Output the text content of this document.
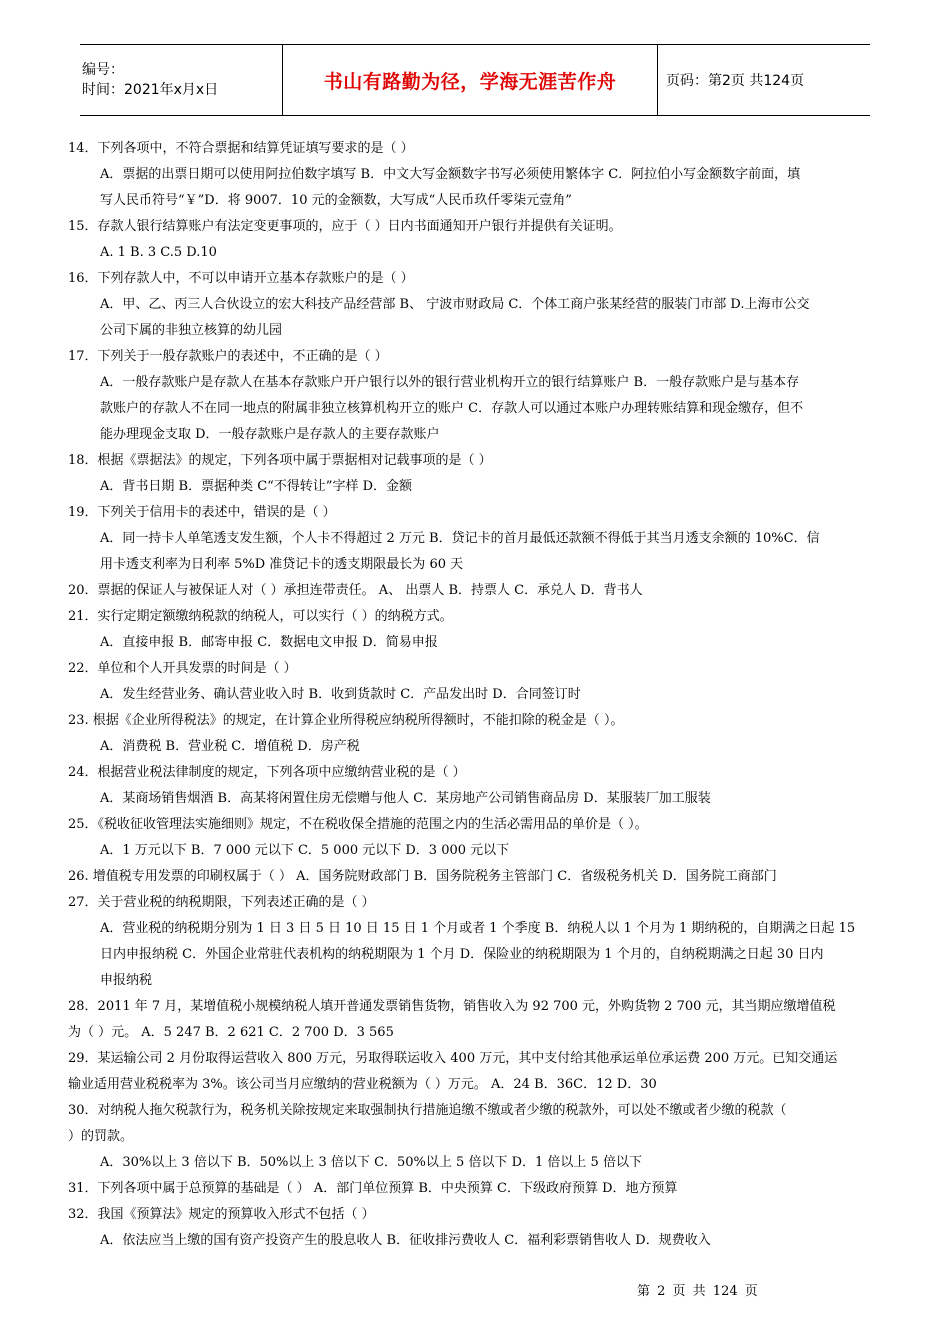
编号：
时间：2021年x月x日	书山有路勤为径，学海无涯苦作舟	页码：第2页 共124页
14．下列各项中，不符合票据和结算凭证填写要求的是（ ）
A．票据的出票日期可以使用阿拉伯数字填写 B．中文大写金额数字书写必须使用繁体字 C．阿拉伯小写金额数字前面，填
写人民币符号“￥”D．将 9007．10 元的金额数，大写成“人民币玖仟零柒元壹角”
15．存款人银行结算账户有法定变更事项的，应于（ ）日内书面通知开户银行并提供有关证明。
A. 1 B. 3 C.5 D.10
16．下列存款人中，不可以申请开立基本存款账户的是（ ）
A．甲、乙、丙三人合伙设立的宏大科技产品经营部 B、 宁波市财政局 C．个体工商户张某经营的服装门市部 D.上海市公交
公司下属的非独立核算的幼儿园
17．下列关于一般存款账户的表述中，不正确的是（ ）
A．一般存款账户是存款人在基本存款账户开户银行以外的银行营业机构开立的银行结算账户 B．一般存款账户是与基本存
款账户的存款人不在同一地点的附属非独立核算机构开立的账户 C．存款人可以通过本账户办理转账结算和现金缴存，但不
能办理现金支取 D．一般存款账户是存款人的主要存款账户
18．根据《票据法》的规定，下列各项中属于票据相对记载事项的是（ ）
A．背书日期 B．票据种类 C“不得转让”字样 D．金额
19．下列关于信用卡的表述中，错误的是（ ）
A．同一持卡人单笔透支发生额，个人卡不得超过 2 万元 B．贷记卡的首月最低还款额不得低于其当月透支余额的 10%C．信
用卡透支利率为日利率 5%D 准贷记卡的透支期限最长为 60 天
20．票据的保证人与被保证人对（ ）承担连带责任。 A、 出票人 B．持票人 C．承兑人 D．背书人
21．实行定期定额缴纳税款的纳税人，可以实行（ ）的纳税方式。
A．直接申报 B．邮寄申报 C．数据电文申报 D．简易申报
22．单位和个人开具发票的时间是（ ）
A．发生经营业务、确认营业收入时 B．收到货款时 C．产品发出时 D．合同签订时
23. 根据《企业所得税法》的规定，在计算企业所得税应纳税所得额时，不能扣除的税金是（ ）。
A．消费税 B．营业税 C．增值税 D．房产税
24．根据营业税法律制度的规定，下列各项中应缴纳营业税的是（ ）
A．某商场销售烟酒 B．高某将闲置住房无偿赠与他人 C．某房地产公司销售商品房 D．某服装厂加工服装
25．《税收征收管理法实施细则》规定，不在税收保全措施的范围之内的生活必需用品的单价是（ ）。
A．1 万元以下 B．7 000 元以下 C．5 000 元以下 D．3 000 元以下
26. 增值税专用发票的印刷权属于（ ） A．国务院财政部门 B．国务院税务主管部门 C．省级税务机关 D．国务院工商部门
27．关于营业税的纳税期限，下列表述正确的是（ ）
A．营业税的纳税期分别为 1 日 3 日 5 日 10 日 15 日 1 个月或者 1 个季度 B．纳税人以 1 个月为 1 期纳税的，自期满之日起 15
日内申报纳税 C．外国企业常驻代表机构的纳税期限为 1 个月 D．保险业的纳税期限为 1 个月的，自纳税期满之日起 30 日内
申报纳税
28．2011 年 7 月，某增值税小规模纳税人填开普通发票销售货物，销售收入为 92 700 元，外购货物 2 700 元，其当期应缴增值税
为（ ）元。 A．5 247 B．2 621 C．2 700 D．3 565
29．某运输公司 2 月份取得运营收入 800 万元，另取得联运收入 400 万元，其中支付给其他承运单位承运费 200 万元。已知交通运
输业适用营业税税率为 3%。该公司当月应缴纳的营业税额为（ ）万元。 A．24 B．36C．12 D．30
30．对纳税人拖欠税款行为，税务机关除按规定来取强制执行措施追缴不缴或者少缴的税款外，可以处不缴或者少缴的税款（
）的罚款。
A．30%以上 3 倍以下 B．50%以上 3 倍以下 C．50%以上 5 倍以下 D．1 倍以上 5 倍以下
31．下列各项中属于总预算的基础是（ ） A．部门单位预算 B．中央预算 C．下级政府预算 D．地方预算
32．我国《预算法》规定的预算收入形式不包括（ ）
A．依法应当上缴的国有资产投资产生的股息收人 B．征收排污费收人 C．福利彩票销售收人 D．规费收入
第 2 页 共 124 页
